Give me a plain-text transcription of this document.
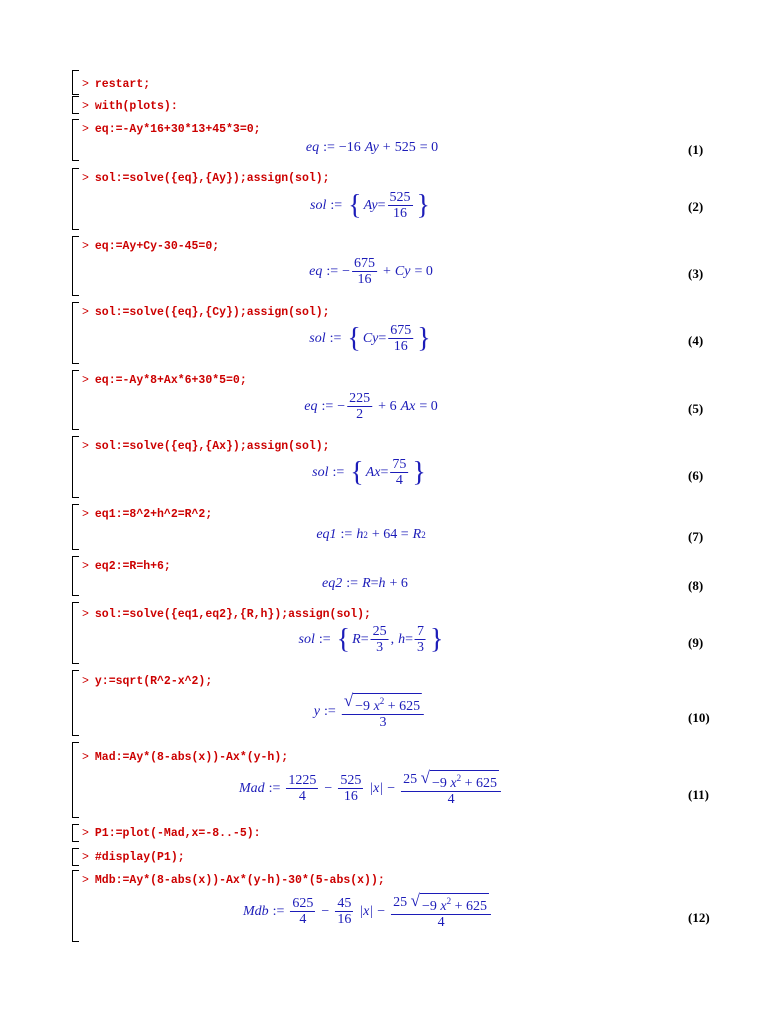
> restart;
> with(plots):
> eq:=-Ay*16+30*13+45*3=0;
> sol:=solve({eq},{Ay});assign(sol);
> eq:=Ay+Cy-30-45=0;
> sol:=solve({eq},{Cy});assign(sol);
> eq:=-Ay*8+Ax*6+30*5=0;
> sol:=solve({eq},{Ax});assign(sol);
> eq1:=8^2+h^2=R^2;
> eq2:=R=h+6;
> sol:=solve({eq1,eq2},{R,h});assign(sol);
> y:=sqrt(R^2-x^2);
> Mad:=Ay*(8-abs(x))-Ax*(y-h);
> P1:=plot(-Mad,x=-8..-5):
> #display(P1);
> Mdb:=Ay*(8-abs(x))-Ax*(y-h)-30*(5-abs(x));
eq := − 16 Ay + 525 = 0	(1)
sol := { $Ay = \frac{525}{16}$ }	(2)
eq := − $\frac{675}{16} + Cy = 0$	(3)
sol := { $Cy = \frac{675}{16}$ }	(4)
eq := − $\frac{225}{2} + 6$ Ax = 0	(5)
sol := { $Ax = \frac{75}{4}$ }	(6)
eq1 := h 2 + 64 = R 2	(7)
eq2 := R = h + 6	(8)
sol := { $R = \frac{25}{3}$ , $h = \frac{7}{3}$ }	(9)
y := $\frac{√ -9 x^2 + 625}{3}$	(10)
Mad := $\frac{1225}{4} - \frac{525}{16} |x| - \frac{25 √ -9 x^2 + 625}{4}$	(11)
Mdb := $\frac{625}{4} - \frac{45}{16} |x| - \frac{25 √ -9 x^2 + 625}{4}$	(12)
